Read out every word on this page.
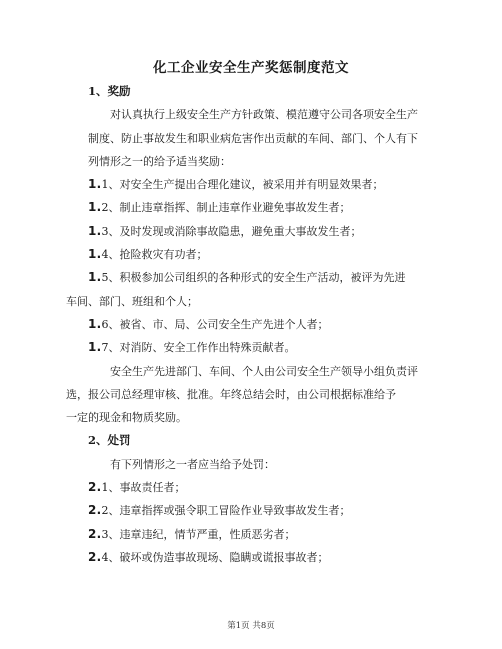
化工企业安全生产奖惩制度范文
1、奖励
对认真执行上级安全生产方针政策、模范遵守公司各项安全生产
制度、防止事故发生和职业病危害作出贡献的车间、部门、个人有下
列情形之一的给予适当奖励：
1.1、对安全生产提出合理化建议，被采用并有明显效果者；
1.2、制止违章指挥、制止违章作业避免事故发生者；
1.3、及时发现或消除事故隐患，避免重大事故发生者；
1.4、抢险救灾有功者；
1.5、积极参加公司组织的各种形式的安全生产活动，被评为先进
车间、部门、班组和个人；
1.6、被省、市、局、公司安全生产先进个人者；
1.7、对消防、安全工作作出特殊贡献者。
安全生产先进部门、车间、个人由公司安全生产领导小组负责评
选，报公司总经理审核、批准。年终总结会时，由公司根据标准给予
一定的现金和物质奖励。
2、处罚
有下列情形之一者应当给予处罚：
2.1、事故责任者；
2.2、违章指挥或强令职工冒险作业导致事故发生者；
2.3、违章违纪，情节严重，性质恶劣者；
2.4、破坏或伪造事故现场、隐瞒或谎报事故者；
第1页 共8页
